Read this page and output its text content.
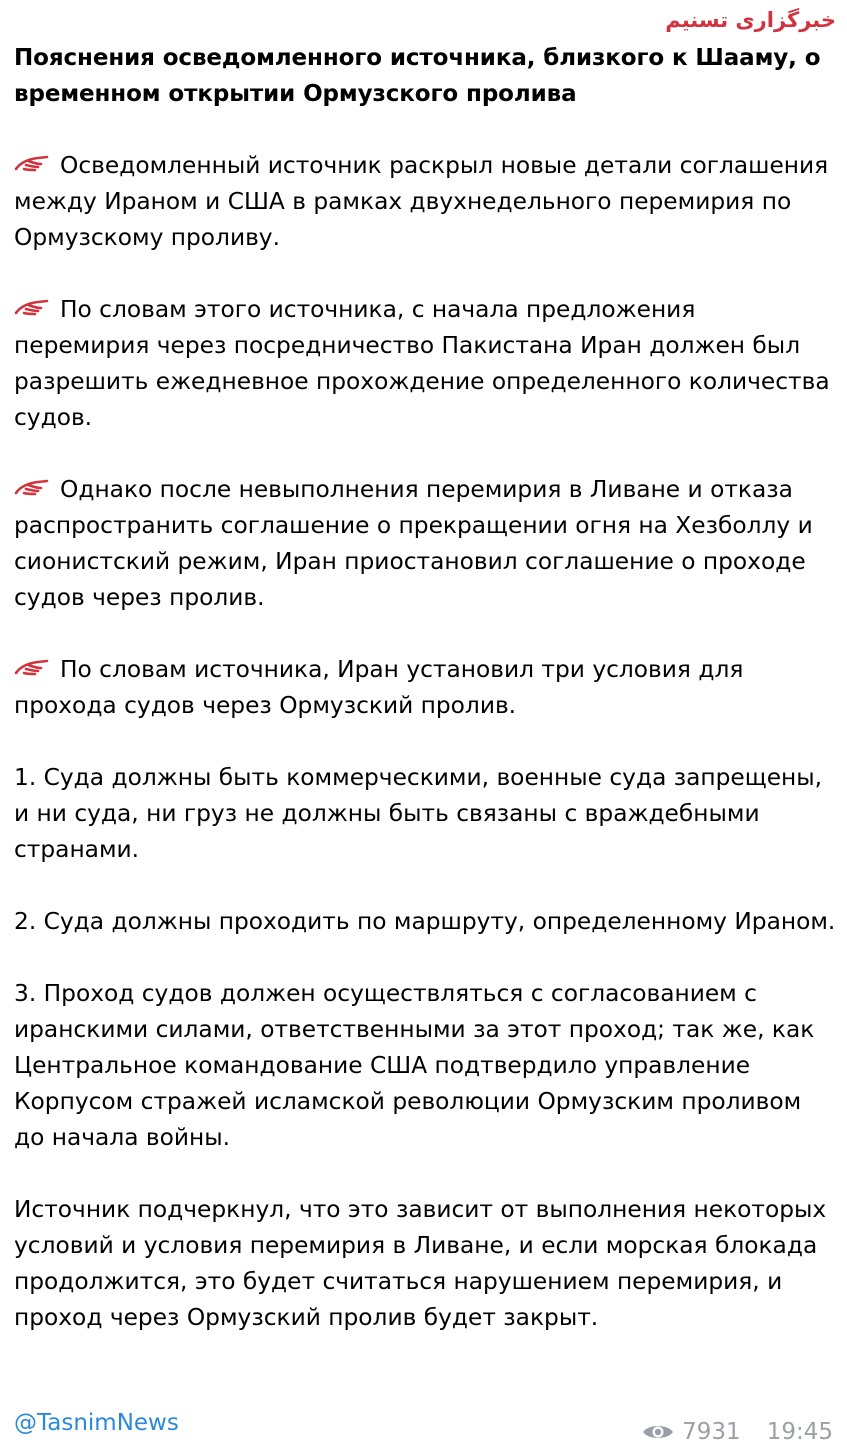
خبرگزاری تسنیم

Пояснения осведомленного источника, близкого к Шааму, о временном открытии Ормузского пролива

Осведомленный источник раскрыл новые детали соглашения между Ираном и США в рамках двухнедельного перемирия по Ормузскому проливу.

По словам этого источника, с начала предложения перемирия через посредничество Пакистана Иран должен был разрешить ежедневное прохождение определенного количества судов.

Однако после невыполнения перемирия в Ливане и отказа распространить соглашение о прекращении огня на Хезболлу и сионистский режим, Иран приостановил соглашение о проходе судов через пролив.

По словам источника, Иран установил три условия для прохода судов через Ормузский пролив.

1. Суда должны быть коммерческими, военные суда запрещены, и ни суда, ни груз не должны быть связаны с враждебными странами.

2. Суда должны проходить по маршруту, определенному Ираном.

3. Проход судов должен осуществляться с согласованием с иранскими силами, ответственными за этот проход; так же, как Центральное командование США подтвердило управление Корпусом стражей исламской революции Ормузским проливом до начала войны.

Источник подчеркнул, что это зависит от выполнения некоторых условий и условия перемирия в Ливане, и если морская блокада продолжится, это будет считаться нарушением перемирия, и проход через Ормузский пролив будет закрыт.

@TasnimNews	7931 19:45
